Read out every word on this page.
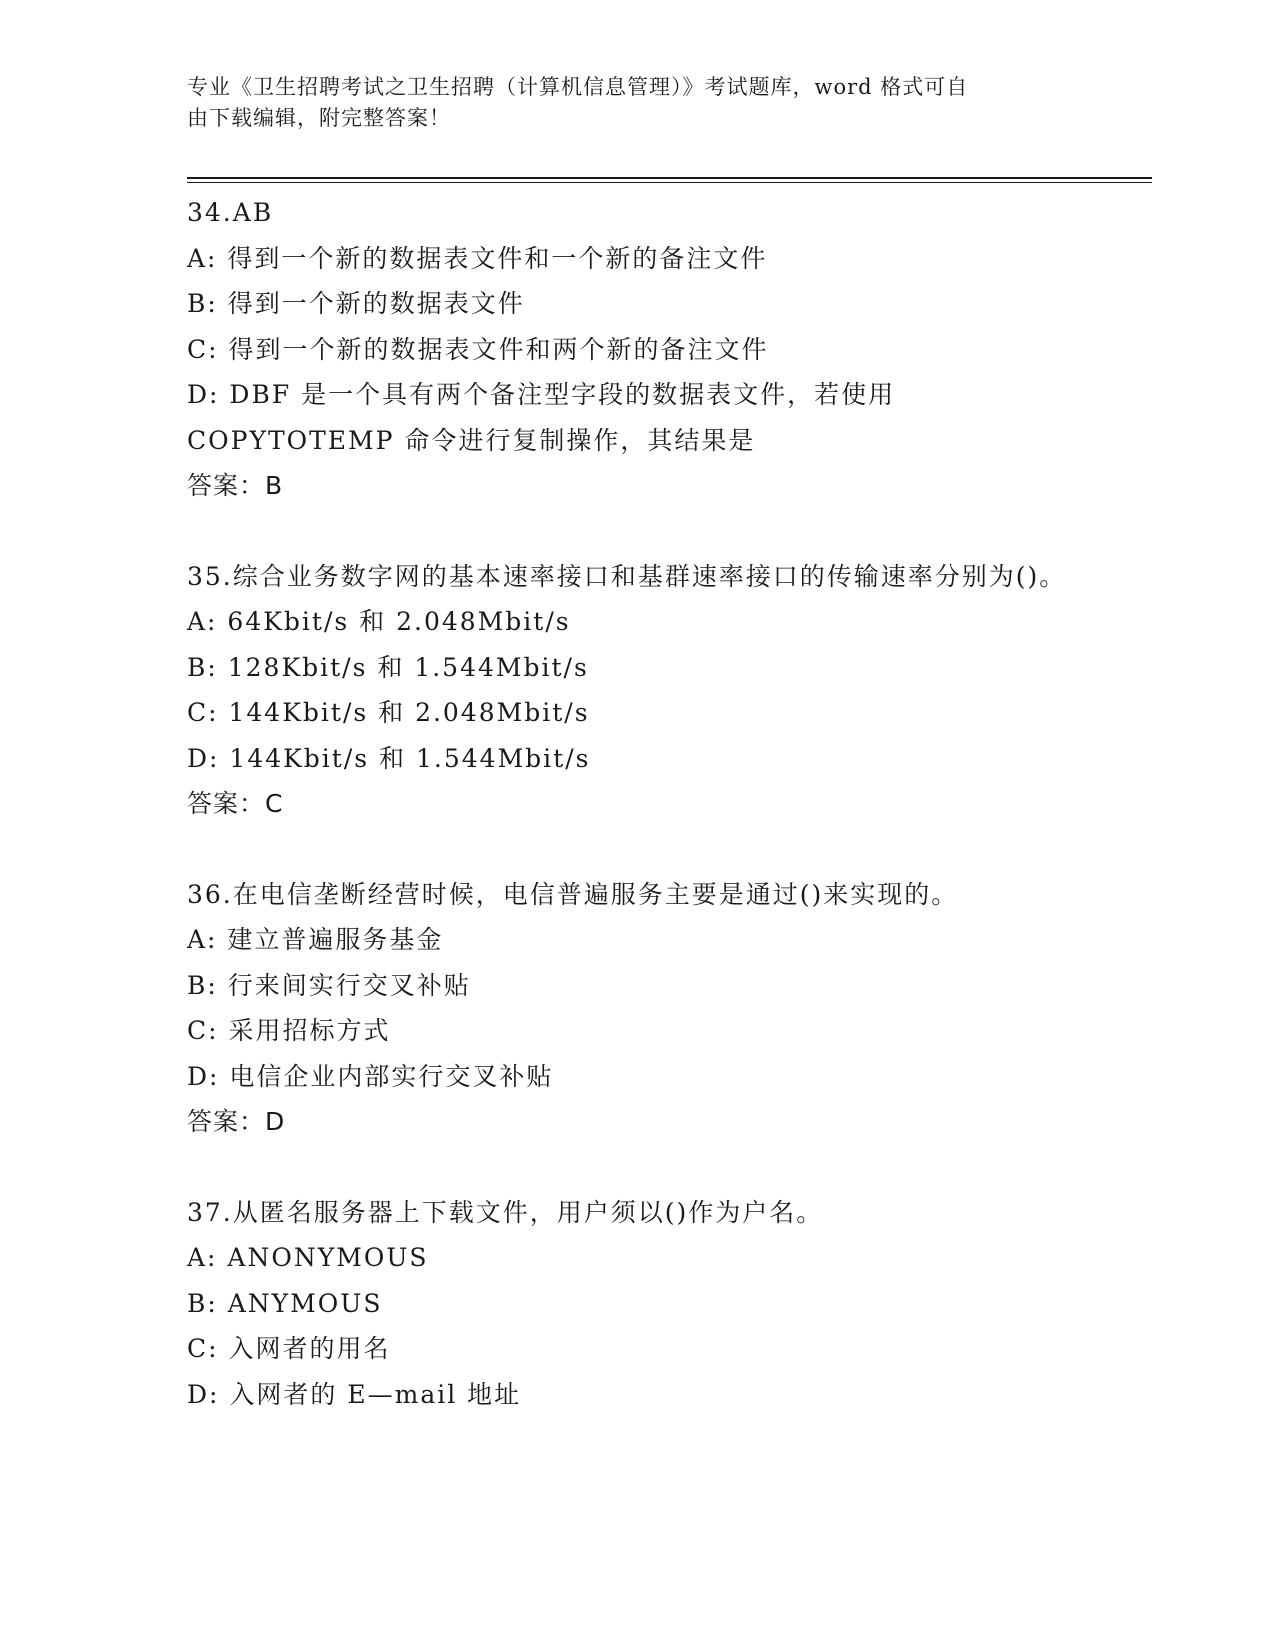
专业《卫生招聘考试之卫生招聘（计算机信息管理）》考试题库，word 格式可自
由下载编辑，附完整答案！
34.AB
A: 得到一个新的数据表文件和一个新的备注文件
B: 得到一个新的数据表文件
C: 得到一个新的数据表文件和两个新的备注文件
D: DBF 是一个具有两个备注型字段的数据表文件，若使用 COPYTOTEMP 命令进行复制操作，其结果是
答案：B
35.综合业务数字网的基本速率接口和基群速率接口的传输速率分别为()。
A: 64Kbit/s 和 2.048Mbit/s
B: 128Kbit/s 和 1.544Mbit/s
C: 144Kbit/s 和 2.048Mbit/s
D: 144Kbit/s 和 1.544Mbit/s
答案：C
36.在电信垄断经营时候，电信普遍服务主要是通过()来实现的。
A: 建立普遍服务基金
B: 行来间实行交叉补贴
C: 采用招标方式
D: 电信企业内部实行交叉补贴
答案：D
37.从匿名服务器上下载文件，用户须以()作为户名。
A: ANONYMOUS
B: ANYMOUS
C: 入网者的用名
D: 入网者的 E—mail 地址
